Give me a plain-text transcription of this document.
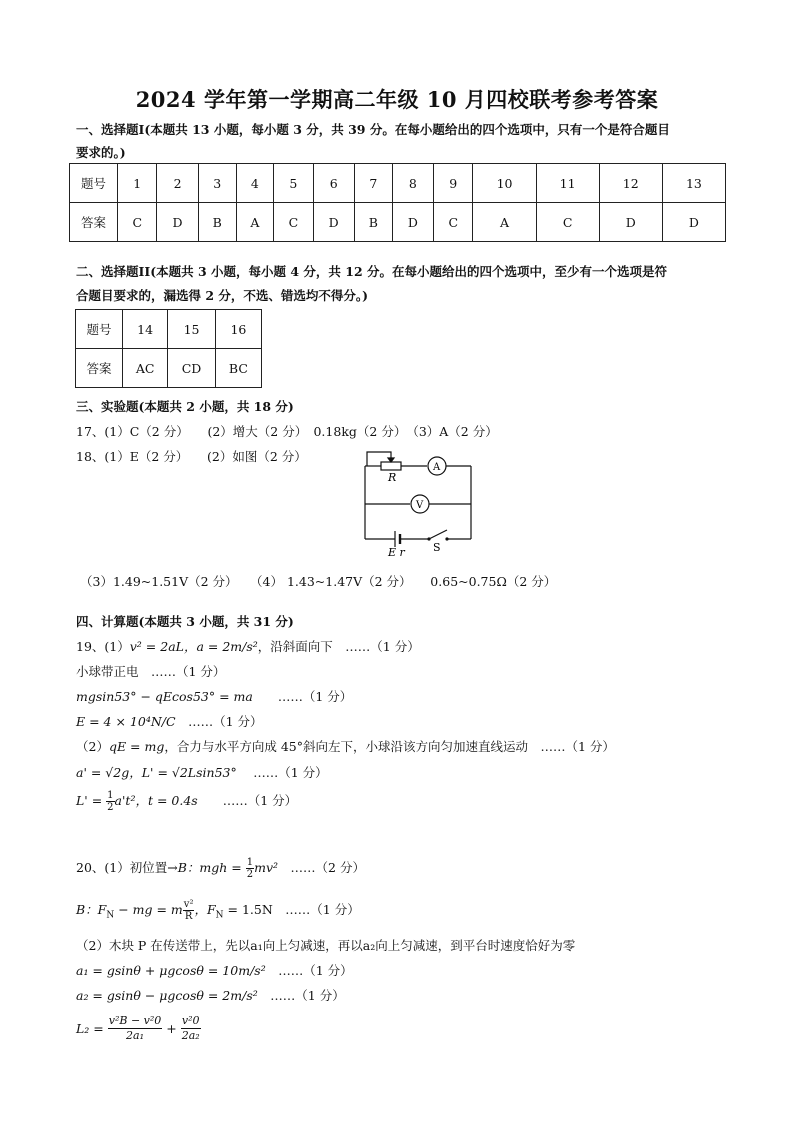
2024 学年第一学期高二年级 10 月四校联考参考答案
一、选择题I(本题共 13 小题，每小题 3 分，共 39 分。在每小题给出的四个选项中，只有一个是符合题目
要求的。)
题号	1	2	3	4	5	6	7	8	9	10	11	12	13
答案	C	D	B	A	C	D	B	D	C	A	C	D	D
二、选择题II(本题共 3 小题，每小题 4 分，共 12 分。在每小题给出的四个选项中，至少有一个选项是符
合题目要求的，漏选得 2 分，不选、错选均不得分。)
题号	14	15	16
答案	AC	CD	BC
三、实验题(本题共 2 小题，共 18 分)
17、(1）C（2 分）　　(2）增大（2 分）　0.18kg（2 分）　（3）A（2 分）
18、(1）E（2 分）　　(2）如图（2 分）
R
A
V
E r	S
（3）1.49~1.51V（2 分）　　（4） 1.43~1.47V（2 分）　　0.65~0.75Ω（2 分）
四、计算题(本题共 3 小题，共 31 分)
19、(1）v² = 2aL，a = 2m/s²，沿斜面向下　……（1 分）
小球带正电　……（1 分）
mgsin53° − qEcos53° = ma　　……（1 分）
E = 4 × 10⁴N/C　……（1 分）
（2）qE = mg，合力与水平方向成 45°斜向左下，小球沿该方向匀加速直线运动　……（1 分）
a' = √2g，L' = √2Lsin53°　 ……（1 分）
$L' = \frac{1}{2} a't^2$，t = 0.4s　　……（1 分）
20、(1）初位置→B：mgh = $\frac{1}{2} mv^2$　……（2 分）
B：$F_N$ − mg = m $\frac{\text{v²}}{R}$ ，$F_N = 1.5N$　……（1 分）
（2）木块 P 在传送带上，先以a₁向上匀减速，再以a₂向上匀减速，到平台时速度恰好为零
a₁ = gsinθ + μgcosθ = 10m/s²　……（1 分）
a₂ = gsinθ − μgcosθ = 2m/s²　……（1 分）
$L_2 = \frac{\text{v²B − v²0}}{\text{2a₁}} + \frac{\text{v²0}}{\text{2a₂}}$
